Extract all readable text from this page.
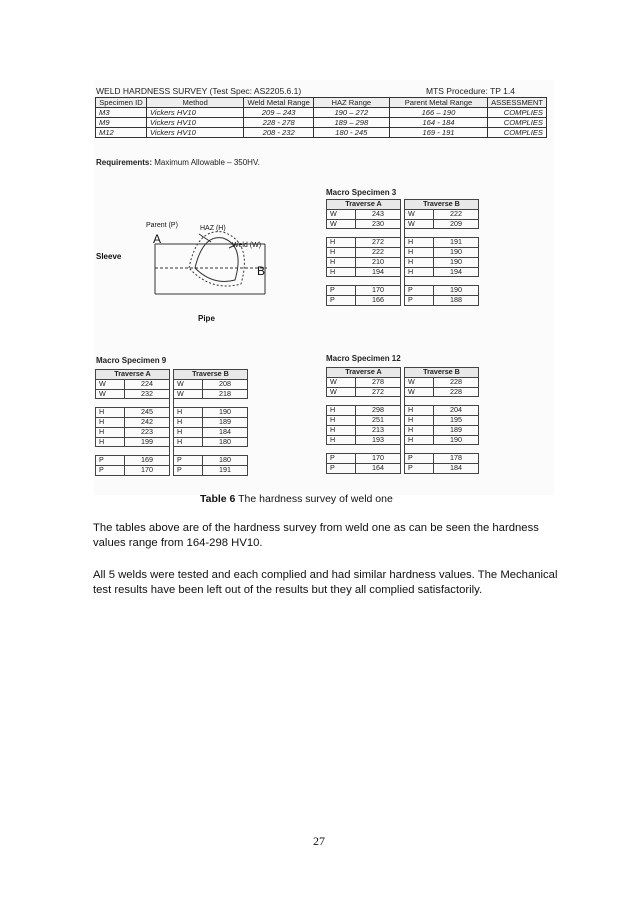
WELD HARDNESS SURVEY (Test Spec: AS2205.6.1)	MTS Procedure: TP 1.4
Specimen ID	Method	Weld Metal Range	HAZ Range	Parent Metal Range	ASSESSMENT
M3	Vickers HV10	209 – 243	190 – 272	166 – 190	COMPLIES
M9	Vickers HV10	228 - 278	189 – 298	164 - 184	COMPLIES
M12	Vickers HV10	208 - 232	180 - 245	169 - 191	COMPLIES
Requirements: Maximum Allowable – 350HV.
Parent (P)	HAZ (H)
Weld (W)
A
B
Sleeve
Pipe
Macro Specimen 3
Traverse A			Traverse B	
W	243		W	222
W	230		W	209

H	272		H	191
H	222		H	190
H	210		H	190
H	194		H	194

P	170		P	190
P	166		P	188
Macro Specimen 9
Traverse A			Traverse B	
W	224		W	208
W	232		W	218

H	245		H	190
H	242		H	189
H	223		H	184
H	199		H	180

P	169		P	180
P	170		P	191
Macro Specimen 12
Traverse A			Traverse B	
W	278		W	228
W	272		W	228

H	298		H	204
H	251		H	195
H	213		H	189
H	193		H	190

P	170		P	178
P	164		P	184
Table 6 The hardness survey of weld one
The tables above are of the hardness survey from weld one as can be seen the hardness values range from 164-298 HV10.
All 5 welds were tested and each complied and had similar hardness values. The Mechanical test results have been left out of the results but they all complied satisfactorily.
27
